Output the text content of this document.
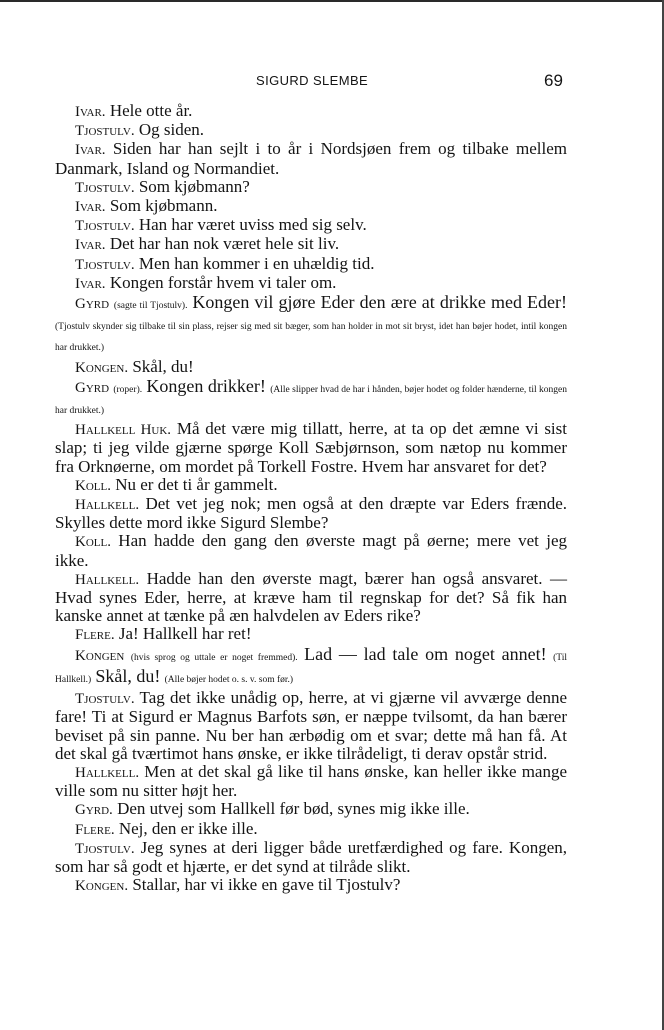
SIGURD SLEMBE	69

Ivar. Hele otte år.

Tjostulv. Og siden.

Ivar. Siden har han sejlt i to år i Nordsjøen frem og tilbake mellem Danmark, Island og Normandiet.

Tjostulv. Som kjøbmann?

Ivar. Som kjøbmann.

Tjostulv. Han har været uviss med sig selv.

Ivar. Det har han nok været hele sit liv.

Tjostulv. Men han kommer i en uhældig tid.

Ivar. Kongen forstår hvem vi taler om.

Gyrd (sagte til Tjostulv). Kongen vil gjøre Eder den ære at drikke med Eder! (Tjostulv skynder sig tilbake til sin plass, rejser sig med sit bæger, som han holder in mot sit bryst, idet han bøjer hodet, intil kongen har drukket.)

Kongen. Skål, du!

Gyrd (roper). Kongen drikker! (Alle slipper hvad de har i hånden, bøjer hodet og folder hænderne, til kongen har drukket.)

Hallkell Huk. Må det være mig tillatt, herre, at ta op det æmne vi sist slap; ti jeg vilde gjærne spørge Koll Sæbjørnson, som nætop nu kommer fra Orknøerne, om mordet på Torkell Fostre. Hvem har ansvaret for det?

Koll. Nu er det ti år gammelt.

Hallkell. Det vet jeg nok; men også at den dræpte var Eders frænde. Skylles dette mord ikke Sigurd Slembe?

Koll. Han hadde den gang den øverste magt på øerne; mere vet jeg ikke.

Hallkell. Hadde han den øverste magt, bærer han også ansvaret. — Hvad synes Eder, herre, at kræve ham til regnskap for det? Så fik han kanske annet at tænke på æn halvdelen av Eders rike?

Flere. Ja! Hallkell har ret!

Kongen (hvis sprog og uttale er noget fremmed). Lad — lad tale om noget annet! (Til Hallkell.) Skål, du! (Alle bøjer hodet o. s. v. som før.)

Tjostulv. Tag det ikke unådig op, herre, at vi gjærne vil avværge denne fare! Ti at Sigurd er Magnus Barfots søn, er næppe tvilsomt, da han bærer beviset på sin panne. Nu ber han ærbødig om et svar; dette må han få. At det skal gå tværtimot hans ønske, er ikke tilrådeligt, ti derav opstår strid.

Hallkell. Men at det skal gå like til hans ønske, kan heller ikke mange ville som nu sitter højt her.

Gyrd. Den utvej som Hallkell før bød, synes mig ikke ille.

Flere. Nej, den er ikke ille.

Tjostulv. Jeg synes at deri ligger både uretfærdighed og fare. Kongen, som har så godt et hjærte, er det synd at tilråde slikt.

Kongen. Stallar, har vi ikke en gave til Tjostulv?
